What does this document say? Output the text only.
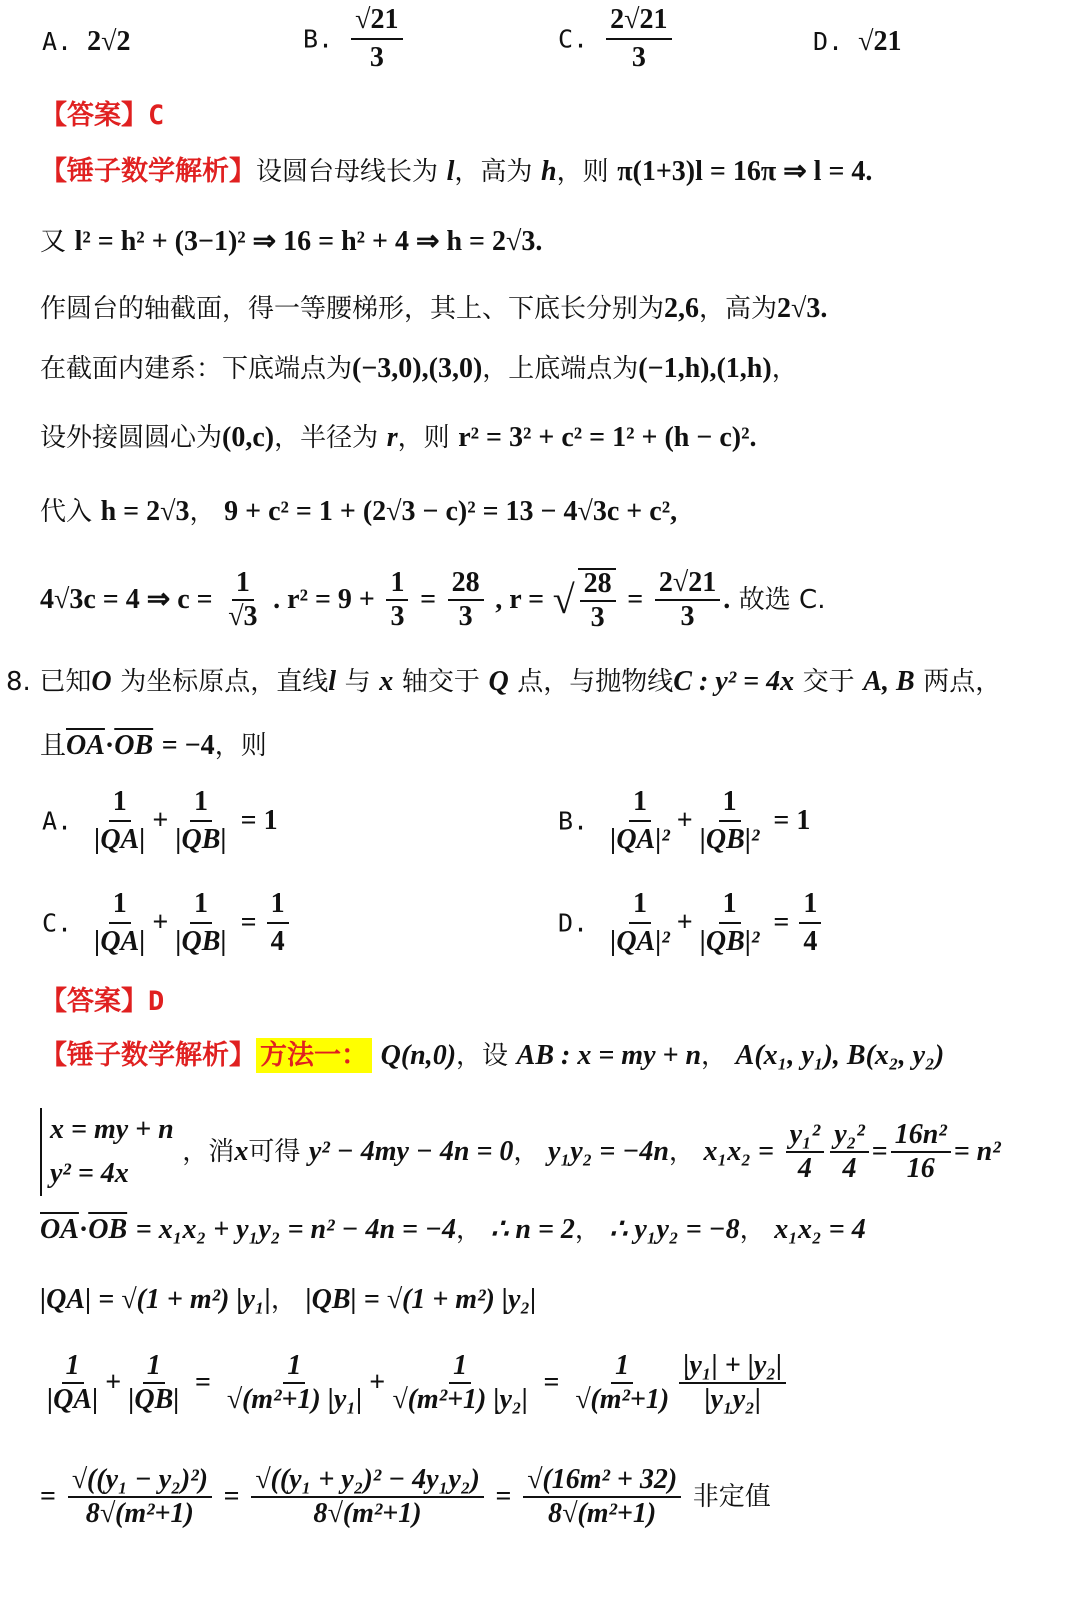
A. 2√2	B. $\frac{√21}{3}$	C. $\frac{2√21}{3}$	D. √21
【答案】C
【锤子数学解析】设圆台母线长为 l，高为 h，则 π(1+3)l = 16π ⇒ l = 4.
又 l² = h² + (3−1)² ⇒ 16 = h² + 4 ⇒ h = 2√3.
作圆台的轴截面，得一等腰梯形，其上、下底长分别为2,6，高为2√3.
在截面内建系：下底端点为(−3,0),(3,0)，上底端点为(−1,h),(1,h)，
设外接圆圆心为(0,c)，半径为 r，则 r² = 3² + c² = 1² + (h − c)².
代入 h = 2√3， 9 + c² = 1 + (2√3 − c)² = 13 − 4√3c + c²,
4√3c = 4 ⇒ $c = \frac{1}{√3}$ . $r^2 = 9 + \frac{1}{3} = \frac{28}{3}$ , r = √ $\frac{28}{3} = \frac{2√21}{3}$ . 故选 C.
8. 已知O 为坐标原点，直线l 与 x 轴交于 Q 点，与抛物线C : y² = 4x 交于 A, B 两点，
且$\overline{OA}\cdot\overline{OB} = -4$，则
A. $\frac{1}{|QA|} + \frac{1}{|QB|} = 1$	B. $\frac{1}{\text{|QA|²}} + \frac{1}{\text{|QB|²}} = 1$
C. $\frac{1}{|QA|} + \frac{1}{|QB|} = \frac{1}{4}$	D. $\frac{1}{\text{|QA|²}} + \frac{1}{\text{|QB|²}} = \frac{1}{4}$
【答案】D
【锤子数学解析】 方法一： Q(n,0)，设 AB : x = my + n， A(x₁, y₁), B(x₂, y₂)
x = my + n
y² = 4x ，消x可得 y² − 4my − 4n = 0， y₁y₂ = −4n， $x_1x_2 = \frac{\text{y₁²}}{4} \frac{\text{y₂²}}{4} = \frac{\text{16n²}}{16} = n^2$
$\overline{OA}\cdot\overline{OB} = x_1x_2 + y_1y_2 = n^2 - 4n = -4$， ∴ n = 2， ∴ y₁y₂ = −8， x₁x₂ = 4
|QA| = √(1 + m²) |y₁|， |QB| = √(1 + m²) |y₂|
$\frac{1}{|QA|} + \frac{1}{|QB|} = \frac{1}{\text{√(m²+1) |y₁|}} + \frac{1}{\text{√(m²+1) |y₂|}} = \frac{1}{\text{√(m²+1)}} \frac{\text{|y₁| + |y₂|}}{\text{|y₁y₂|}}$
= $\frac{\text{√((y₁ − y₂)²)}}{\text{8√(m²+1)}} = \frac{\text{√((y₁ + y₂)² − 4y₁y₂)}}{\text{8√(m²+1)}} = \frac{\text{√(16m² + 32)}}{\text{8√(m²+1)}}$ 非定值
